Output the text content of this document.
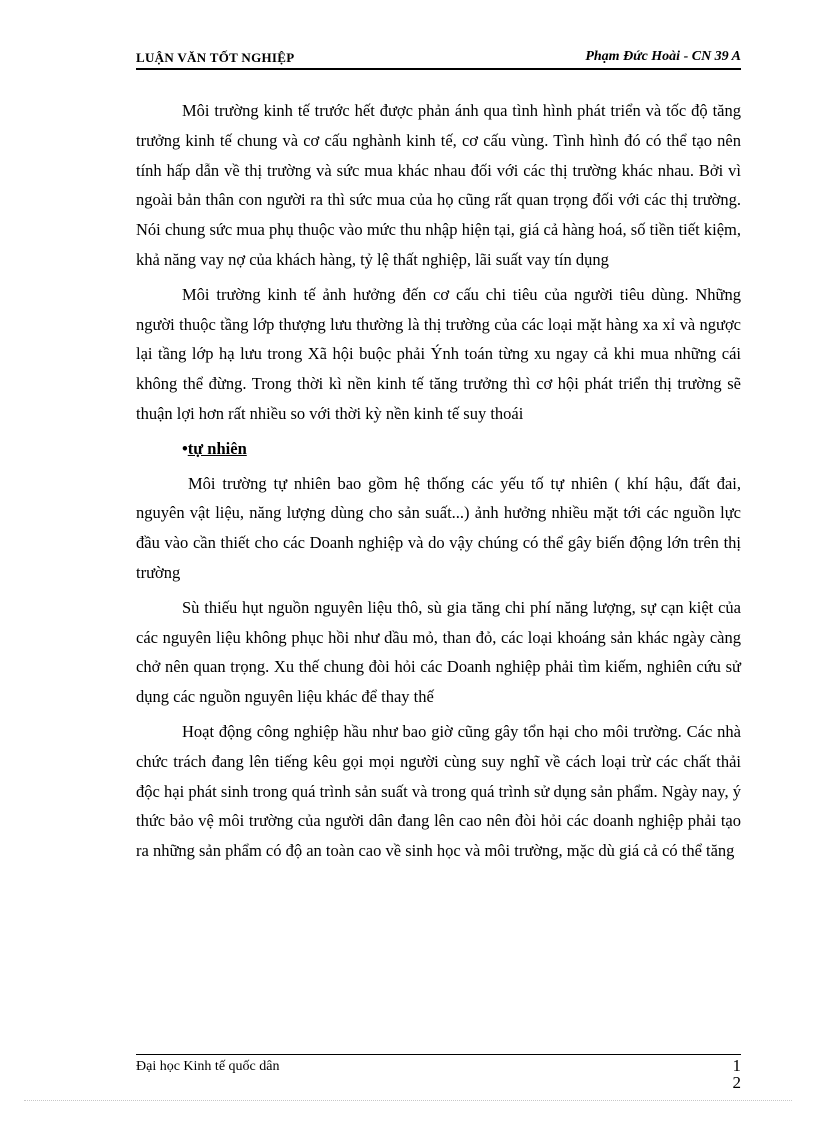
LUẬN VĂN TỐT NGHIỆP	Phạm Đức Hoài - CN 39 A

Môi trường kinh tế trước hết được phản ánh qua tình hình phát triển và tốc độ tăng trưởng kinh tế chung và cơ cấu nghành kinh tế, cơ cấu vùng. Tình hình đó có thể tạo nên tính hấp dẫn về thị trường và sức mua khác nhau đối với các thị trường khác nhau. Bởi vì ngoài bản thân con người ra thì sức mua của họ cũng rất quan trọng đối với các thị trường. Nói chung sức mua phụ thuộc vào mức thu nhập hiện tại, giá cả hàng hoá, số tiền tiết kiệm, khả năng vay nợ của khách hàng, tỷ lệ thất nghiệp, lãi suất vay tín dụng

Môi trường kinh tế ảnh hưởng đến cơ cấu chi tiêu của người tiêu dùng. Những người thuộc tầng lớp thượng lưu thường là thị trường của các loại mặt hàng xa xỉ và ngược lại tầng lớp hạ lưu trong Xã hội buộc phải Ýnh toán từng xu ngay cả khi mua những cái không thể đừng. Trong thời kì nền kinh tế tăng trưởng thì cơ hội phát triển thị trường sẽ thuận lợi hơn rất nhiều so với thời kỳ nền kinh tế suy thoái

•tự nhiên

Môi trường tự nhiên bao gồm hệ thống các yếu tố tự nhiên ( khí hậu, đất đai, nguyên vật liệu, năng lượng dùng cho sản suất...) ảnh hưởng nhiều mặt tới các nguồn lực đầu vào cần thiết cho các Doanh nghiệp và do vậy chúng có thể gây biến động lớn trên thị trường

Sù thiếu hụt nguồn nguyên liệu thô, sù gia tăng chi phí năng lượng, sự cạn kiệt của các nguyên liệu không phục hồi như dầu mỏ, than đỏ, các loại khoáng sản khác ngày càng chở nên quan trọng. Xu thế chung đòi hỏi các Doanh nghiệp phải tìm kiếm, nghiên cứu sử dụng các nguồn nguyên liệu khác để thay thế

Hoạt động công nghiệp hầu như bao giờ cũng gây tổn hại cho môi trường. Các nhà chức trách đang lên tiếng kêu gọi mọi người cùng suy nghĩ về cách loại trừ các chất thải độc hại phát sinh trong quá trình sản suất và trong quá trình sử dụng sản phẩm. Ngày nay, ý thức bảo vệ môi trường của người dân đang lên cao nên đòi hỏi các doanh nghiệp phải tạo ra những sản phẩm có độ an toàn cao về sinh học và môi trường, mặc dù giá cả có thể tăng

Đại học Kinh tế quốc dân	1
2
